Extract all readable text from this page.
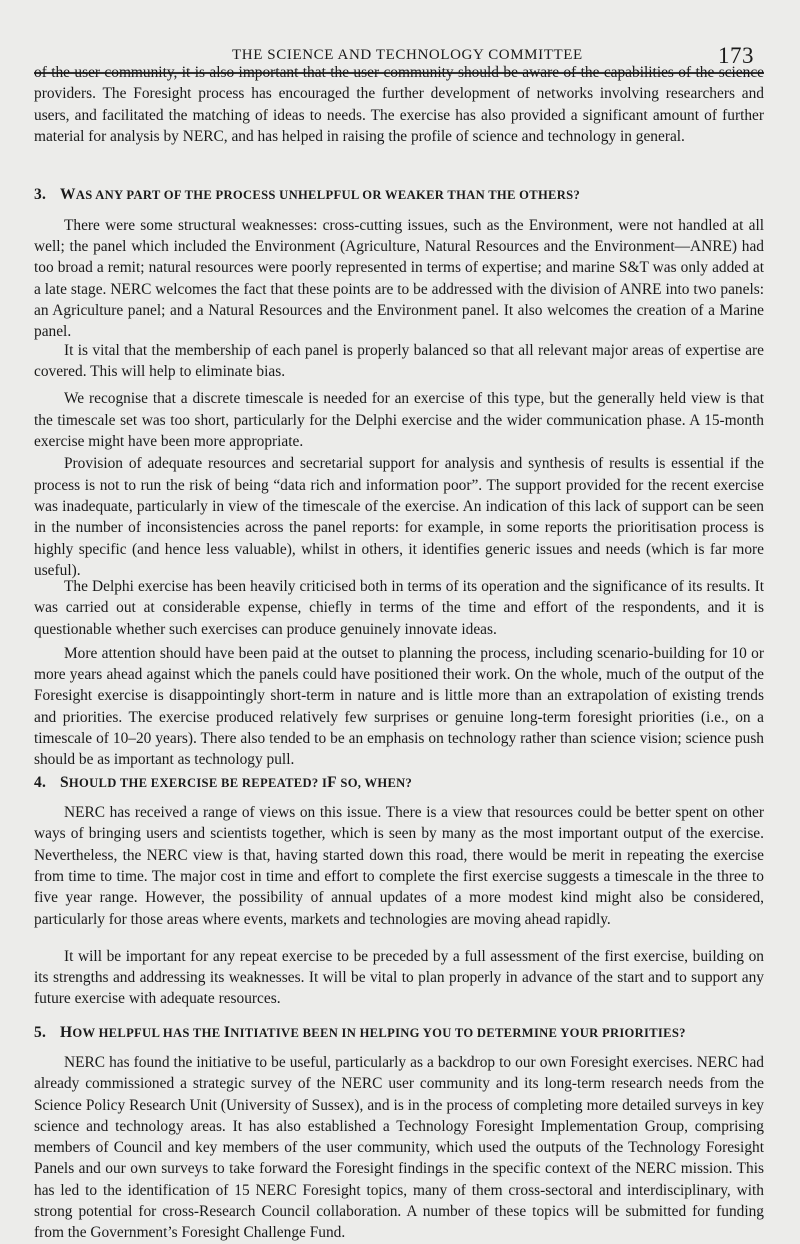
THE SCIENCE AND TECHNOLOGY COMMITTEE	173

of the user community, it is also important that the user community should be aware of the capabilities of the science providers. The Foresight process has encouraged the further development of networks involving researchers and users, and facilitated the matching of ideas to needs. The exercise has also provided a significant amount of further material for analysis by NERC, and has helped in raising the profile of science and technology in general.

3. WAS ANY PART OF THE PROCESS UNHELPFUL OR WEAKER THAN THE OTHERS?

There were some structural weaknesses: cross-cutting issues, such as the Environment, were not handled at all well; the panel which included the Environment (Agriculture, Natural Resources and the Environment—ANRE) had too broad a remit; natural resources were poorly represented in terms of expertise; and marine S&T was only added at a late stage. NERC welcomes the fact that these points are to be addressed with the division of ANRE into two panels: an Agriculture panel; and a Natural Resources and the Environment panel. It also welcomes the creation of a Marine panel.

It is vital that the membership of each panel is properly balanced so that all relevant major areas of expertise are covered. This will help to eliminate bias.

We recognise that a discrete timescale is needed for an exercise of this type, but the generally held view is that the timescale set was too short, particularly for the Delphi exercise and the wider communication phase. A 15-month exercise might have been more appropriate.

Provision of adequate resources and secretarial support for analysis and synthesis of results is essential if the process is not to run the risk of being “data rich and information poor”. The support provided for the recent exercise was inadequate, particularly in view of the timescale of the exercise. An indication of this lack of support can be seen in the number of inconsistencies across the panel reports: for example, in some reports the prioritisation process is highly specific (and hence less valuable), whilst in others, it identifies generic issues and needs (which is far more useful).

The Delphi exercise has been heavily criticised both in terms of its operation and the significance of its results. It was carried out at considerable expense, chiefly in terms of the time and effort of the respondents, and it is questionable whether such exercises can produce genuinely innovate ideas.

More attention should have been paid at the outset to planning the process, including scenario-building for 10 or more years ahead against which the panels could have positioned their work. On the whole, much of the output of the Foresight exercise is disappointingly short-term in nature and is little more than an extrapolation of existing trends and priorities. The exercise produced relatively few surprises or genuine long-term foresight priorities (i.e., on a timescale of 10–20 years). There also tended to be an emphasis on technology rather than science vision; science push should be as important as technology pull.

4. SHOULD THE EXERCISE BE REPEATED? IF SO, WHEN?

NERC has received a range of views on this issue. There is a view that resources could be better spent on other ways of bringing users and scientists together, which is seen by many as the most important output of the exercise. Nevertheless, the NERC view is that, having started down this road, there would be merit in repeating the exercise from time to time. The major cost in time and effort to complete the first exercise suggests a timescale in the three to five year range. However, the possibility of annual updates of a more modest kind might also be considered, particularly for those areas where events, markets and technologies are moving ahead rapidly.

It will be important for any repeat exercise to be preceded by a full assessment of the first exercise, building on its strengths and addressing its weaknesses. It will be vital to plan properly in advance of the start and to support any future exercise with adequate resources.

5. HOW HELPFUL HAS THE INITIATIVE BEEN IN HELPING YOU TO DETERMINE YOUR PRIORITIES?

NERC has found the initiative to be useful, particularly as a backdrop to our own Foresight exercises. NERC had already commissioned a strategic survey of the NERC user community and its long-term research needs from the Science Policy Research Unit (University of Sussex), and is in the process of completing more detailed surveys in key science and technology areas. It has also established a Technology Foresight Implementation Group, comprising members of Council and key members of the user community, which used the outputs of the Technology Foresight Panels and our own surveys to take forward the Foresight findings in the specific context of the NERC mission. This has led to the identification of 15 NERC Foresight topics, many of them cross-sectoral and interdisciplinary, with strong potential for cross-Research Council collaboration. A number of these topics will be submitted for funding from the Government’s Foresight Challenge Fund.
